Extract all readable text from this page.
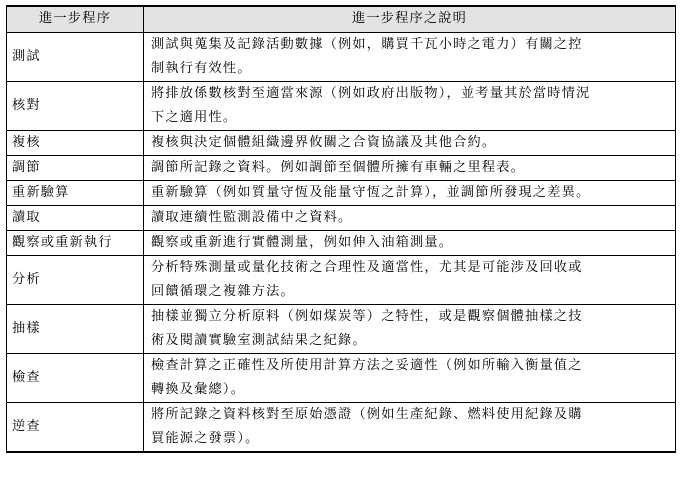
進一步程序	進一步程序之說明
測試	測試與蒐集及記錄活動數據（例如，購買千瓦小時之電力）有關之控
制執行有效性。

核對	將排放係數核對至適當來源（例如政府出版物），並考量其於當時情況
下之適用性。

複核	複核與決定個體組織邊界攸關之合資協議及其他合約。

調節	調節所記錄之資料。例如調節至個體所擁有車輛之里程表。

重新驗算	重新驗算（例如質量守恆及能量守恆之計算），並調節所發現之差異。

讀取	讀取連續性監測設備中之資料。

觀察或重新執行	觀察或重新進行實體測量，例如伸入油箱測量。

分析	分析特殊測量或量化技術之合理性及適當性，尤其是可能涉及回收或
回饋循環之複雜方法。

抽樣	抽樣並獨立分析原料（例如煤炭等）之特性，或是觀察個體抽樣之技
術及閱讀實驗室測試結果之紀錄。

檢查	檢查計算之正確性及所使用計算方法之妥適性（例如所輸入衡量值之
轉換及彙總）。

逆查	將所記錄之資料核對至原始憑證（例如生產紀錄、燃料使用紀錄及購
買能源之發票）。
